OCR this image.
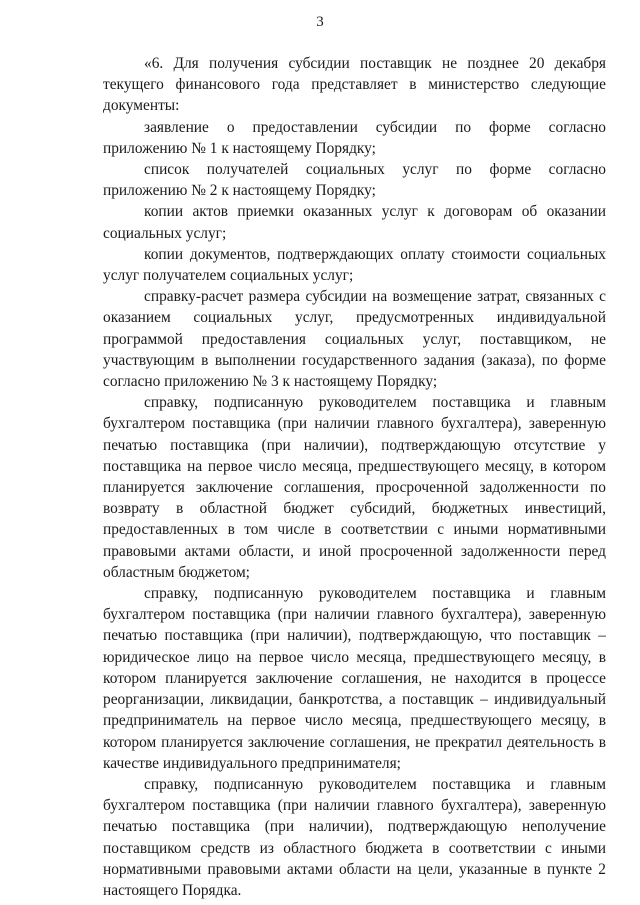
3

«6. Для получения субсидии поставщик не позднее 20 декабря текущего финансового года представляет в министерство следующие документы:

заявление о предоставлении субсидии по форме согласно приложению № 1 к настоящему Порядку;

список получателей социальных услуг по форме согласно приложению № 2 к настоящему Порядку;

копии актов приемки оказанных услуг к договорам об оказании социальных услуг;

копии документов, подтверждающих оплату стоимости социальных услуг получателем социальных услуг;

справку-расчет размера субсидии на возмещение затрат, связанных с оказанием социальных услуг, предусмотренных индивидуальной программой предоставления социальных услуг, поставщиком, не участвующим в выполнении государственного задания (заказа), по форме согласно приложению № 3 к настоящему Порядку;

справку, подписанную руководителем поставщика и главным бухгалтером поставщика (при наличии главного бухгалтера), заверенную печатью поставщика (при наличии), подтверждающую отсутствие у поставщика на первое число месяца, предшествующего месяцу, в котором планируется заключение соглашения, просроченной задолженности по возврату в областной бюджет субсидий, бюджетных инвестиций, предоставленных в том числе в соответствии с иными нормативными правовыми актами области, и иной просроченной задолженности перед областным бюджетом;

справку, подписанную руководителем поставщика и главным бухгалтером поставщика (при наличии главного бухгалтера), заверенную печатью поставщика (при наличии), подтверждающую, что поставщик – юридическое лицо на первое число месяца, предшествующего месяцу, в котором планируется заключение соглашения, не находится в процессе реорганизации, ликвидации, банкротства, а поставщик – индивидуальный предприниматель на первое число месяца, предшествующего месяцу, в котором планируется заключение соглашения, не прекратил деятельность в качестве индивидуального предпринимателя;

справку, подписанную руководителем поставщика и главным бухгалтером поставщика (при наличии главного бухгалтера), заверенную печатью поставщика (при наличии), подтверждающую неполучение поставщиком средств из областного бюджета в соответствии с иными нормативными правовыми актами области на цели, указанные в пункте 2 настоящего Порядка.
